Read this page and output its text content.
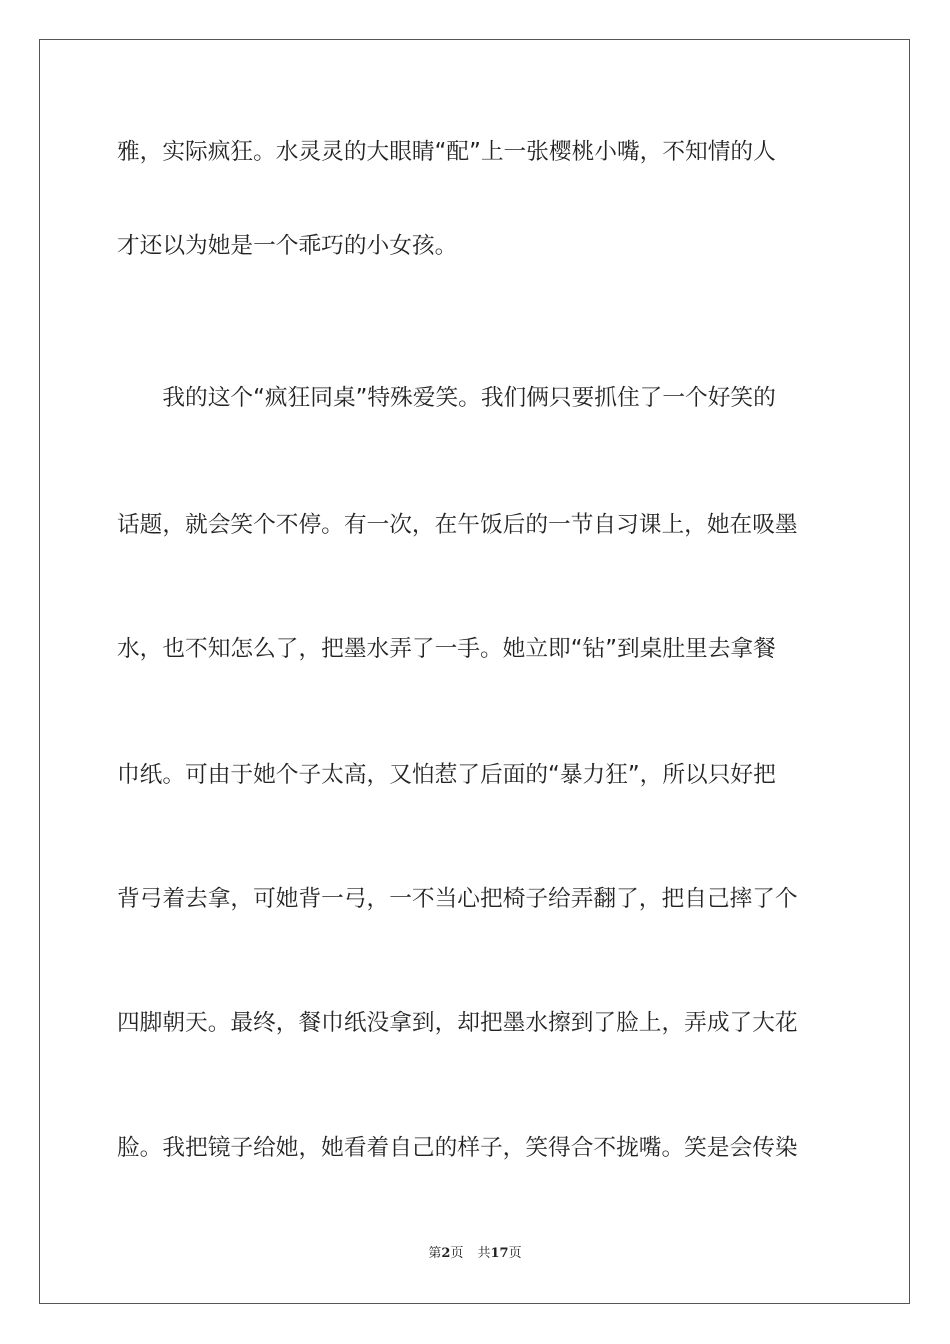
雅，实际疯狂。水灵灵的大眼睛“配”上一张樱桃小嘴，不知情的人
才还以为她是一个乖巧的小女孩。
　　我的这个“疯狂同桌”特殊爱笑。我们俩只要抓住了一个好笑的
话题，就会笑个不停。有一次，在午饭后的一节自习课上，她在吸墨
水，也不知怎么了，把墨水弄了一手。她立即“钻”到桌肚里去拿餐
巾纸。可由于她个子太高，又怕惹了后面的“暴力狂”，所以只好把
背弓着去拿，可她背一弓，一不当心把椅子给弄翻了，把自己摔了个
四脚朝天。最终，餐巾纸没拿到，却把墨水擦到了脸上，弄成了大花
脸。我把镜子给她，她看着自己的样子，笑得合不拢嘴。笑是会传染
第2页 共17页
